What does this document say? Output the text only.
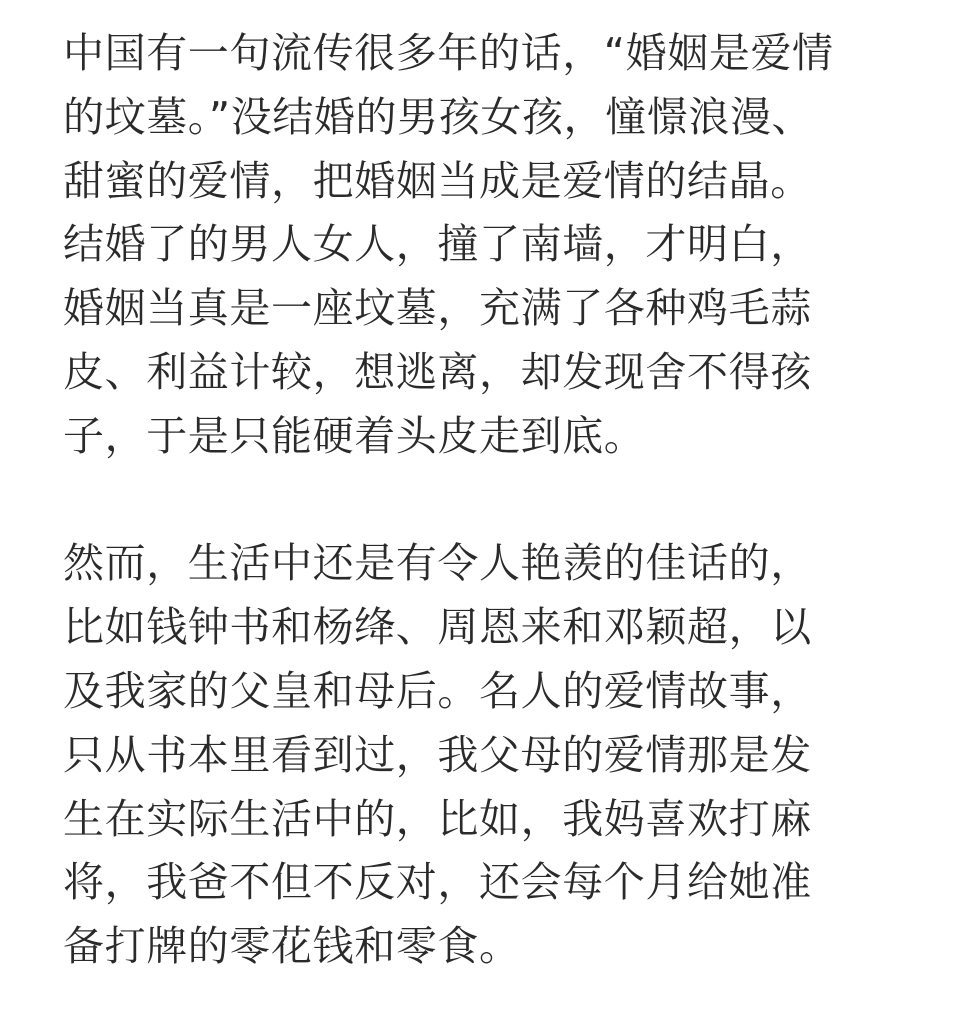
中国有一句流传很多年的话，“婚姻是爱情
的坟墓。”没结婚的男孩女孩，憧憬浪漫、
甜蜜的爱情，把婚姻当成是爱情的结晶。
结婚了的男人女人，撞了南墙，才明白，
婚姻当真是一座坟墓，充满了各种鸡毛蒜
皮、利益计较，想逃离，却发现舍不得孩
子，于是只能硬着头皮走到底。
然而，生活中还是有令人艳羡的佳话的，
比如钱钟书和杨绛、周恩来和邓颖超，以
及我家的父皇和母后。名人的爱情故事，
只从书本里看到过，我父母的爱情那是发
生在实际生活中的，比如，我妈喜欢打麻
将，我爸不但不反对，还会每个月给她准
备打牌的零花钱和零食。
